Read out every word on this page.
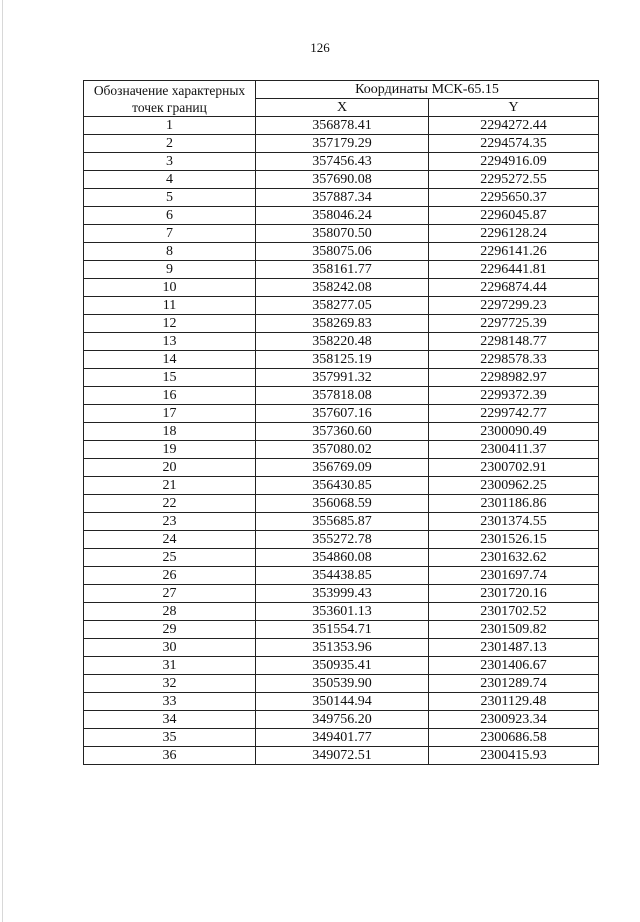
126
Обозначение характерных точек границ	Координаты МСК-65.15	
	X	Y
1	356878.41	2294272.44
2	357179.29	2294574.35
3	357456.43	2294916.09
4	357690.08	2295272.55
5	357887.34	2295650.37
6	358046.24	2296045.87
7	358070.50	2296128.24
8	358075.06	2296141.26
9	358161.77	2296441.81
10	358242.08	2296874.44
11	358277.05	2297299.23
12	358269.83	2297725.39
13	358220.48	2298148.77
14	358125.19	2298578.33
15	357991.32	2298982.97
16	357818.08	2299372.39
17	357607.16	2299742.77
18	357360.60	2300090.49
19	357080.02	2300411.37
20	356769.09	2300702.91
21	356430.85	2300962.25
22	356068.59	2301186.86
23	355685.87	2301374.55
24	355272.78	2301526.15
25	354860.08	2301632.62
26	354438.85	2301697.74
27	353999.43	2301720.16
28	353601.13	2301702.52
29	351554.71	2301509.82
30	351353.96	2301487.13
31	350935.41	2301406.67
32	350539.90	2301289.74
33	350144.94	2301129.48
34	349756.20	2300923.34
35	349401.77	2300686.58
36	349072.51	2300415.93
